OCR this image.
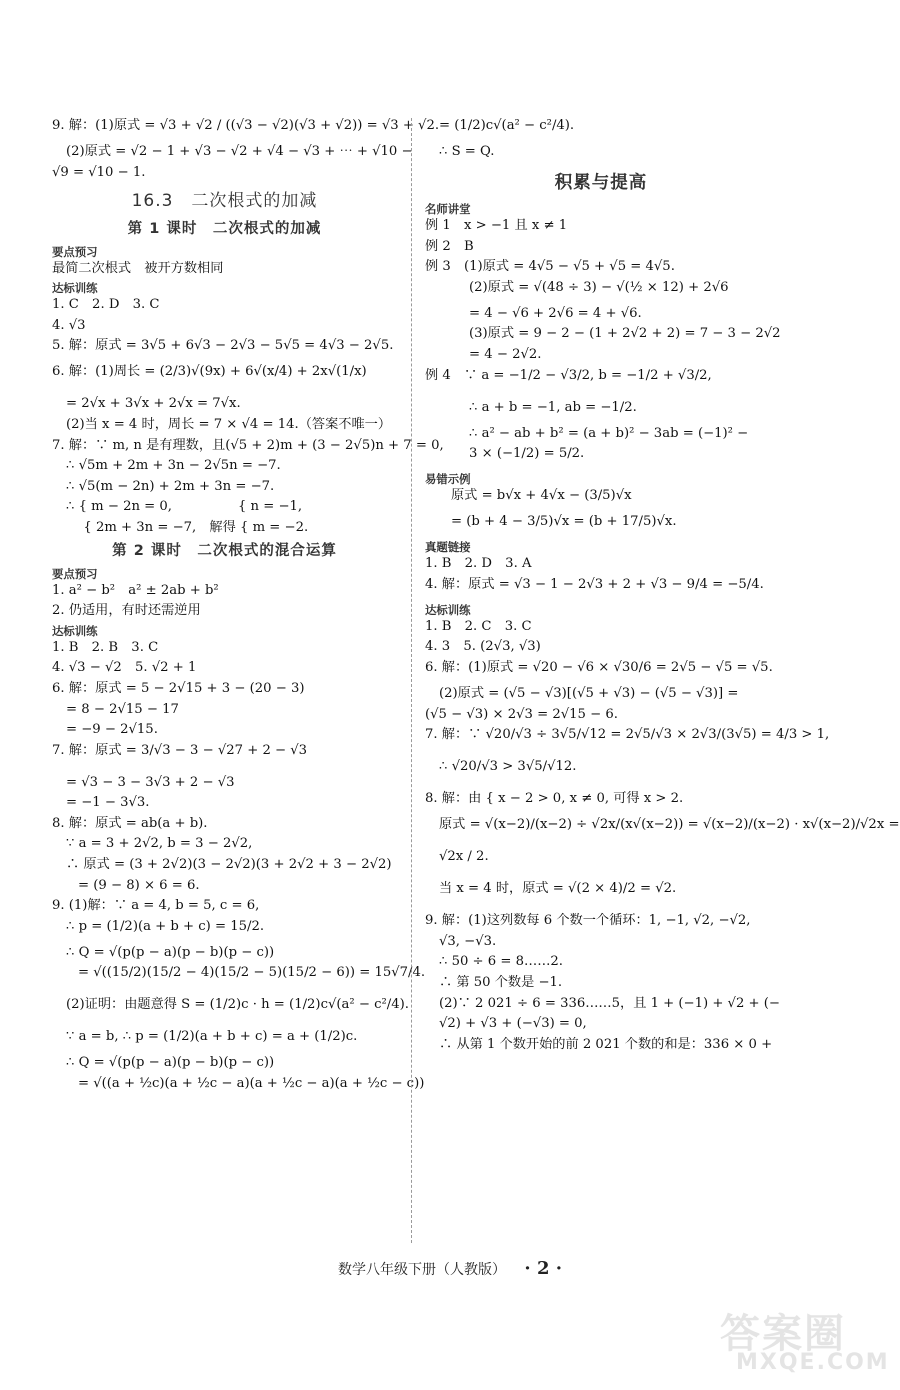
9. 解：(1)原式 = √3 + √2 / ((√3 − √2)(√3 + √2)) = √3 + √2.
(2)原式 = √2 − 1 + √3 − √2 + √4 − √3 + ⋯ + √10 −
√9 = √10 − 1.
16.3　二次根式的加减
第 1 课时　二次根式的加减
要点预习
最简二次根式　被开方数相同
达标训练
1. C　2. D　3. C
4. √3
5. 解：原式 = 3√5 + 6√3 − 2√3 − 5√5 = 4√3 − 2√5.
6. 解：(1)周长 = (2/3)√(9x) + 6√(x/4) + 2x√(1/x)
= 2√x + 3√x + 2√x = 7√x.
(2)当 x = 4 时，周长 = 7 × √4 = 14.（答案不唯一）
7. 解：∵ m, n 是有理数，且(√5 + 2)m + (3 − 2√5)n + 7 = 0,
∴ √5m + 2m + 3n − 2√5n = −7.
∴ √5(m − 2n) + 2m + 3n = −7.
∴ { m − 2n = 0,　　　　　{ n = −1,
　 { 2m + 3n = −7,　解得 { m = −2.
第 2 课时　二次根式的混合运算
要点预习
1. a² − b²　a² ± 2ab + b²
2. 仍适用，有时还需逆用
达标训练
1. B　2. B　3. C
4. √3 − √2　5. √2 + 1
6. 解：原式 = 5 − 2√15 + 3 − (20 − 3)
= 8 − 2√15 − 17
= −9 − 2√15.
7. 解：原式 = 3/√3 − 3 − √27 + 2 − √3
= √3 − 3 − 3√3 + 2 − √3
= −1 − 3√3.
8. 解：原式 = ab(a + b).
∵ a = 3 + 2√2, b = 3 − 2√2,
∴ 原式 = (3 + 2√2)(3 − 2√2)(3 + 2√2 + 3 − 2√2)
= (9 − 8) × 6 = 6.
9. (1)解：∵ a = 4, b = 5, c = 6,
∴ p = (1/2)(a + b + c) = 15/2.
∴ Q = √(p(p − a)(p − b)(p − c))
= √((15/2)(15/2 − 4)(15/2 − 5)(15/2 − 6)) = 15√7/4.
(2)证明：由题意得 S = (1/2)c · h = (1/2)c√(a² − c²/4).
∵ a = b, ∴ p = (1/2)(a + b + c) = a + (1/2)c.
∴ Q = √(p(p − a)(p − b)(p − c))
= √((a + ½c)(a + ½c − a)(a + ½c − a)(a + ½c − c))
= (1/2)c√(a² − c²/4).
∴ S = Q.
积累与提高
名师讲堂
例 1　x > −1 且 x ≠ 1
例 2　B
例 3　(1)原式 = 4√5 − √5 + √5 = 4√5.
(2)原式 = √(48 ÷ 3) − √(½ × 12) + 2√6
= 4 − √6 + 2√6 = 4 + √6.
(3)原式 = 9 − 2 − (1 + 2√2 + 2) = 7 − 3 − 2√2
= 4 − 2√2.
例 4　∵ a = −1/2 − √3/2, b = −1/2 + √3/2,
∴ a + b = −1, ab = −1/2.
∴ a² − ab + b² = (a + b)² − 3ab = (−1)² −
3 × (−1/2) = 5/2.
易错示例
原式 = b√x + 4√x − (3/5)√x
= (b + 4 − 3/5)√x = (b + 17/5)√x.
真题链接
1. B　2. D　3. A
4. 解：原式 = √3 − 1 − 2√3 + 2 + √3 − 9/4 = −5/4.
达标训练
1. B　2. C　3. C
4. 3　5. (2√3, √3)
6. 解：(1)原式 = √20 − √6 × √30/6 = 2√5 − √5 = √5.
(2)原式 = (√5 − √3)[(√5 + √3) − (√5 − √3)] =
(√5 − √3) × 2√3 = 2√15 − 6.
7. 解：∵ √20/√3 ÷ 3√5/√12 = 2√5/√3 × 2√3/(3√5) = 4/3 > 1,
∴ √20/√3 > 3√5/√12.
8. 解：由 { x − 2 > 0, x ≠ 0, 可得 x > 2.
原式 = √(x−2)/(x−2) ÷ √2x/(x√(x−2)) = √(x−2)/(x−2) · x√(x−2)/√2x =
√2x / 2.
当 x = 4 时，原式 = √(2 × 4)/2 = √2.
9. 解：(1)这列数每 6 个数一个循环：1, −1, √2, −√2,
√3, −√3.
∴ 50 ÷ 6 = 8……2.
∴ 第 50 个数是 −1.
(2)∵ 2 021 ÷ 6 = 336……5，且 1 + (−1) + √2 + (−
√2) + √3 + (−√3) = 0,
∴ 从第 1 个数开始的前 2 021 个数的和是：336 × 0 +
数学八年级下册（人教版） · 2 ·
答案圈
MXQE.COM
